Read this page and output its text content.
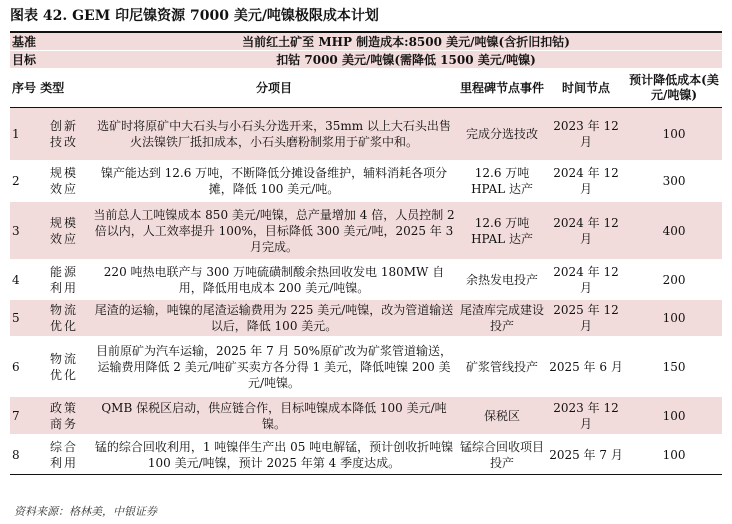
图表 42. GEM 印尼镍资源 7000 美元/吨镍极限成本计划
基准		当前红土矿至 MHP 制造成本:8500 美元/吨镍(含折旧扣钴)			
目标		扣钴 7000 美元/吨镍(需降低 1500 美元/吨镍)			
序号 类型		分项目	里程碑节点事件	时间节点	预计降低成本(美元/吨镍)
1	创新技改	选矿时将原矿中大石头与小石头分选开来，35mm 以上大石头出售火法镍铁厂抵扣成本，小石头磨粉制浆用于矿浆中和。	完成分选技改	2023 年 12 月	100
2	规模效应	镍产能达到 12.6 万吨，不断降低分摊设备维护，辅料消耗各项分摊，降低 100 美元/吨。	12.6 万吨 HPAL 达产	2024 年 12 月	300
3	规模效应	当前总人工吨镍成本 850 美元/吨镍，总产量增加 4 倍，人员控制 2 倍以内，人工效率提升 100%，目标降低 300 美元/吨，2025 年 3 月完成。	12.6 万吨 HPAL 达产	2024 年 12 月	400
4	能源利用	220 吨热电联产与 300 万吨硫磺制酸余热回收发电 180MW 自用，降低用电成本 200 美元/吨镍。	余热发电投产	2024 年 12 月	200
5	物流优化	尾渣的运输，吨镍的尾渣运输费用为 225 美元/吨镍，改为管道输送以后，降低 100 美元。	尾渣库完成建设投产	2025 年 12 月	100
6	物流优化	目前原矿为汽车运输，2025 年 7 月 50%原矿改为矿浆管道输送，运输费用降低 2 美元/吨矿买卖方各分得 1 美元，降低吨镍 200 美元/吨镍。	矿浆管线投产	2025 年 6 月	150
7	政策商务	QMB 保税区启动，供应链合作，目标吨镍成本降低 100 美元/吨镍。	保税区	2023 年 12 月	100
8	综合利用	锰的综合回收利用，1 吨镍伴生产出 05 吨电解锰，预计创收折吨镍 100 美元/吨镍，预计 2025 年第 4 季度达成。	锰综合回收项目投产	2025 年 7 月	100
资料来源：格林美，中银证券
